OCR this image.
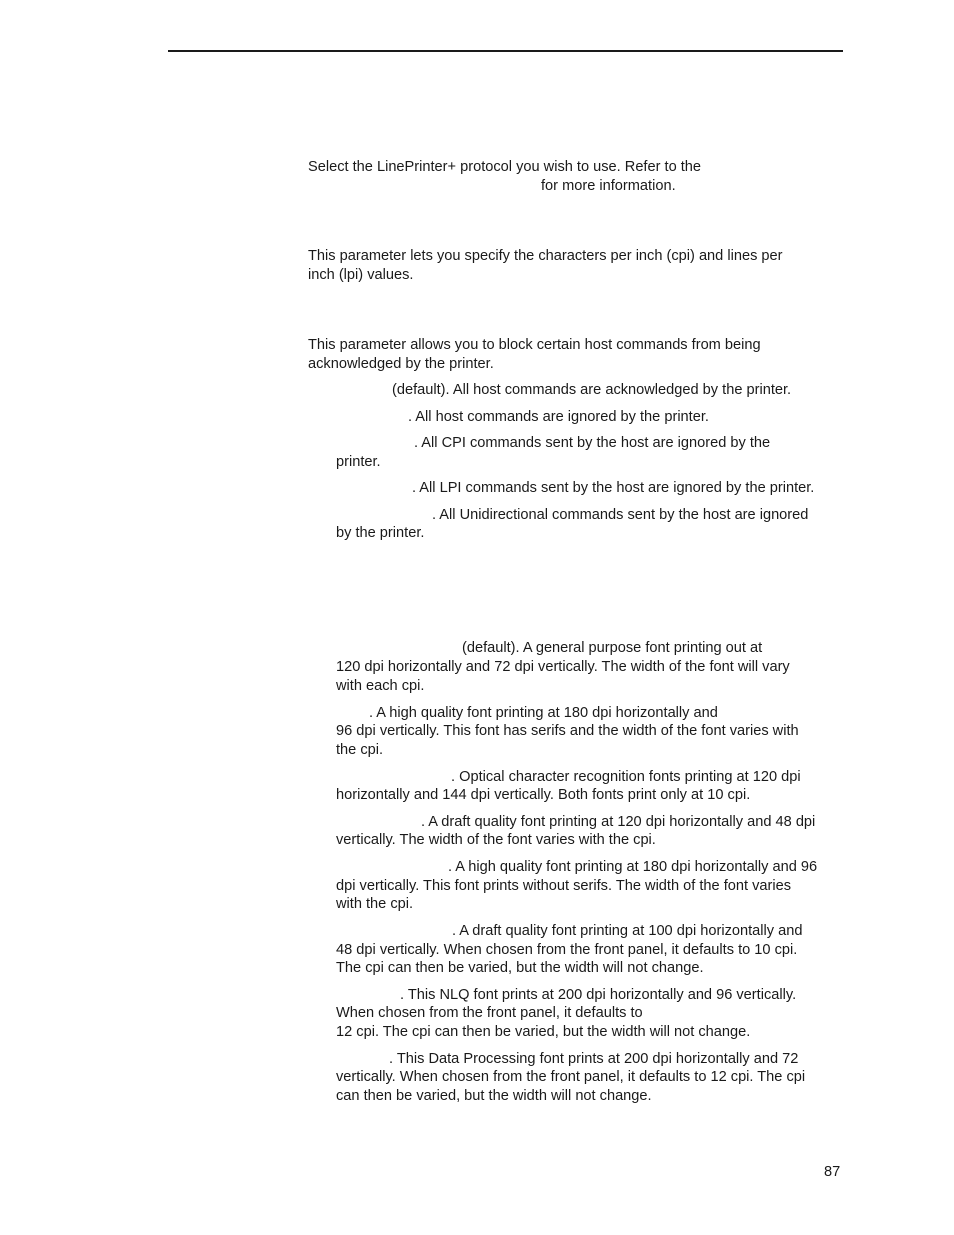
Select the LinePrinter+ protocol you wish to use. Refer to the

for more information.

This parameter lets you specify the characters per inch (cpi) and lines per

inch (lpi) values.

This parameter allows you to block certain host commands from being

acknowledged by the printer.

(default). All host commands are acknowledged by the printer.

. All host commands are ignored by the printer.

. All CPI commands sent by the host are ignored by the

printer.

. All LPI commands sent by the host are ignored by the printer.

. All Unidirectional commands sent by the host are ignored

by the printer.

(default). A general purpose font printing out at

120 dpi horizontally and 72 dpi vertically. The width of the font will vary

with each cpi.

. A high quality font printing at 180 dpi horizontally and

96 dpi vertically. This font has serifs and the width of the font varies with

the cpi.

. Optical character recognition fonts printing at 120 dpi

horizontally and 144 dpi vertically. Both fonts print only at 10 cpi.

. A draft quality font printing at 120 dpi horizontally and 48 dpi

vertically. The width of the font varies with the cpi.

. A high quality font printing at 180 dpi horizontally and 96

dpi vertically. This font prints without serifs. The width of the font varies

with the cpi.

. A draft quality font printing at 100 dpi horizontally and

48 dpi vertically. When chosen from the front panel, it defaults to 10 cpi.

The cpi can then be varied, but the width will not change.

. This NLQ font prints at 200 dpi horizontally and 96 vertically.

When chosen from the front panel, it defaults to

12 cpi. The cpi can then be varied, but the width will not change.

. This Data Processing font prints at 200 dpi horizontally and 72

vertically. When chosen from the front panel, it defaults to 12 cpi. The cpi

can then be varied, but the width will not change.

87
